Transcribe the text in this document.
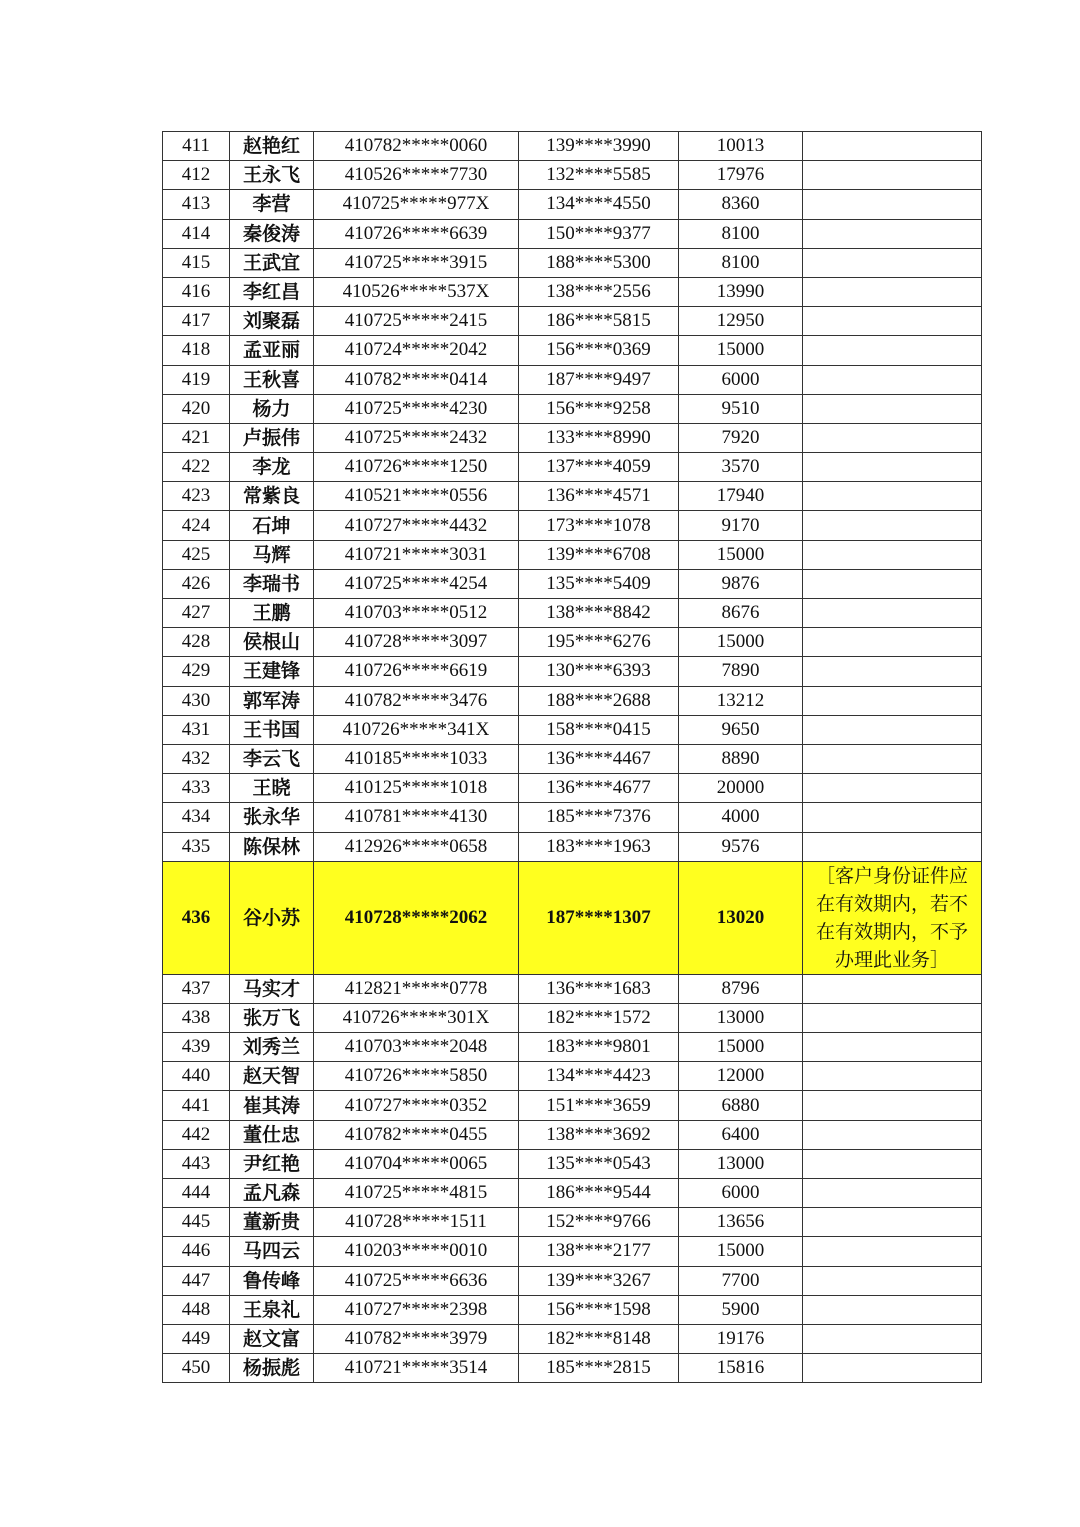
411	赵艳红	410782*****0060	139****3990	10013	
412	王永飞	410526*****7730	132****5585	17976	
413	李营	410725*****977X	134****4550	8360	
414	秦俊涛	410726*****6639	150****9377	8100	
415	王武宜	410725*****3915	188****5300	8100	
416	李红昌	410526*****537X	138****2556	13990	
417	刘聚磊	410725*****2415	186****5815	12950	
418	孟亚丽	410724*****2042	156****0369	15000	
419	王秋喜	410782*****0414	187****9497	6000	
420	杨力	410725*****4230	156****9258	9510	
421	卢振伟	410725*****2432	133****8990	7920	
422	李龙	410726*****1250	137****4059	3570	
423	常紫良	410521*****0556	136****4571	17940	
424	石坤	410727*****4432	173****1078	9170	
425	马辉	410721*****3031	139****6708	15000	
426	李瑞书	410725*****4254	135****5409	9876	
427	王鹏	410703*****0512	138****8842	8676	
428	侯根山	410728*****3097	195****6276	15000	
429	王建锋	410726*****6619	130****6393	7890	
430	郭军涛	410782*****3476	188****2688	13212	
431	王书国	410726*****341X	158****0415	9650	
432	李云飞	410185*****1033	136****4467	8890	
433	王晓	410125*****1018	136****4677	20000	
434	张永华	410781*****4130	185****7376	4000	
435	陈保林	412926*****0658	183****1963	9576	
436	谷小苏	410728*****2062	187****1307	13020	［客户身份证件应在有效期内，若不在有效期内，不予办理此业务］
437	马实才	412821*****0778	136****1683	8796	
438	张万飞	410726*****301X	182****1572	13000	
439	刘秀兰	410703*****2048	183****9801	15000	
440	赵天智	410726*****5850	134****4423	12000	
441	崔其涛	410727*****0352	151****3659	6880	
442	董仕忠	410782*****0455	138****3692	6400	
443	尹红艳	410704*****0065	135****0543	13000	
444	孟凡森	410725*****4815	186****9544	6000	
445	董新贵	410728*****1511	152****9766	13656	
446	马四云	410203*****0010	138****2177	15000	
447	鲁传峰	410725*****6636	139****3267	7700	
448	王泉礼	410727*****2398	156****1598	5900	
449	赵文富	410782*****3979	182****8148	19176	
450	杨振彪	410721*****3514	185****2815	15816	
